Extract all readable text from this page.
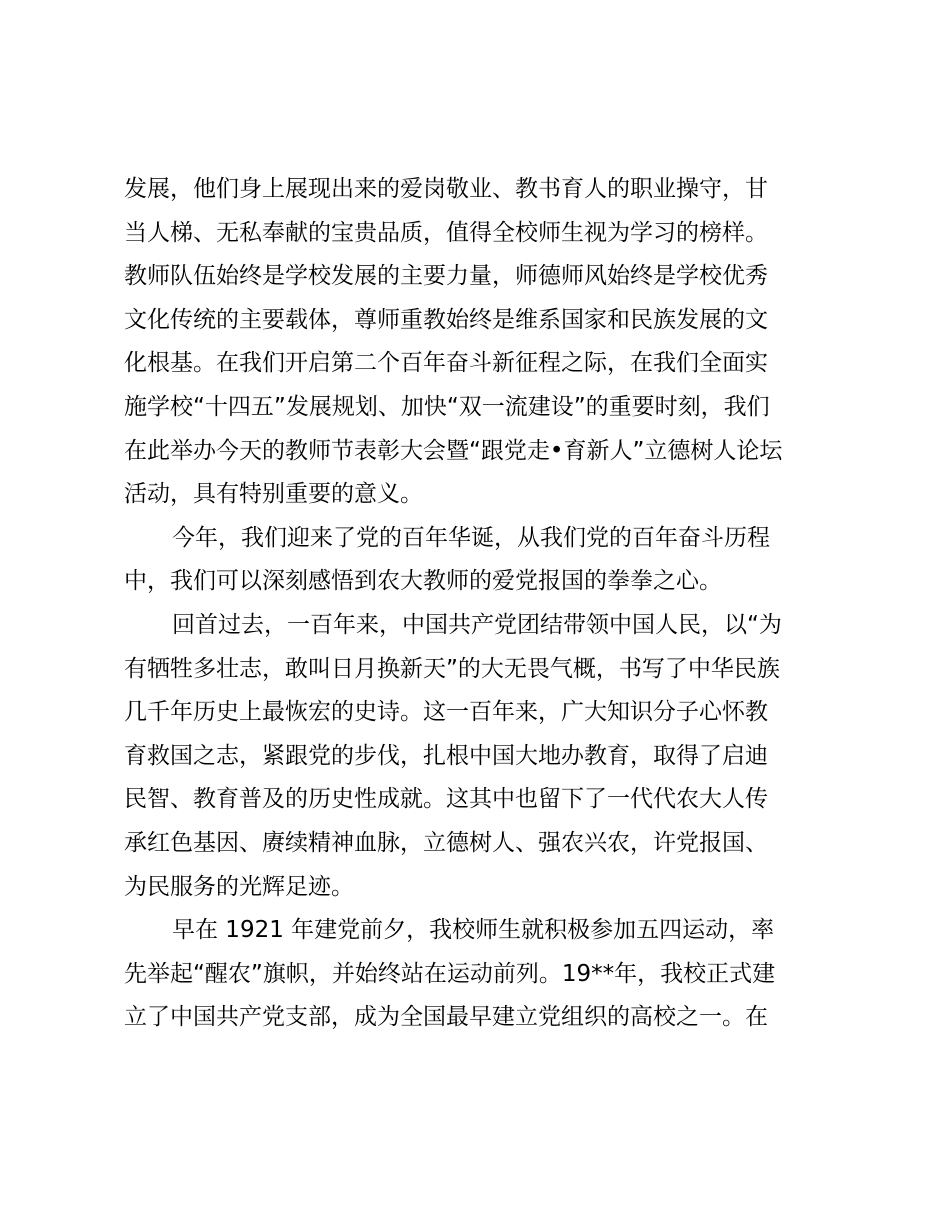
发展，他们身上展现出来的爱岗敬业、教书育人的职业操守，甘
当人梯、无私奉献的宝贵品质，值得全校师生视为学习的榜样。
教师队伍始终是学校发展的主要力量，师德师风始终是学校优秀
文化传统的主要载体，尊师重教始终是维系国家和民族发展的文
化根基。在我们开启第二个百年奋斗新征程之际，在我们全面实
施学校“十四五”发展规划、加快“双一流建设”的重要时刻，我们
在此举办今天的教师节表彰大会暨“跟党走•育新人”立德树人论坛
活动，具有特别重要的意义。
今年，我们迎来了党的百年华诞，从我们党的百年奋斗历程
中，我们可以深刻感悟到农大教师的爱党报国的拳拳之心。
回首过去，一百年来，中国共产党团结带领中国人民，以“为
有牺牲多壮志，敢叫日月换新天”的大无畏气概，书写了中华民族
几千年历史上最恢宏的史诗。这一百年来，广大知识分子心怀教
育救国之志，紧跟党的步伐，扎根中国大地办教育，取得了启迪
民智、教育普及的历史性成就。这其中也留下了一代代农大人传
承红色基因、赓续精神血脉，立德树人、强农兴农，许党报国、
为民服务的光辉足迹。
早在 1921 年建党前夕，我校师生就积极参加五四运动，率
先举起“醒农”旗帜，并始终站在运动前列。19**年，我校正式建
立了中国共产党支部，成为全国最早建立党组织的高校之一。在
